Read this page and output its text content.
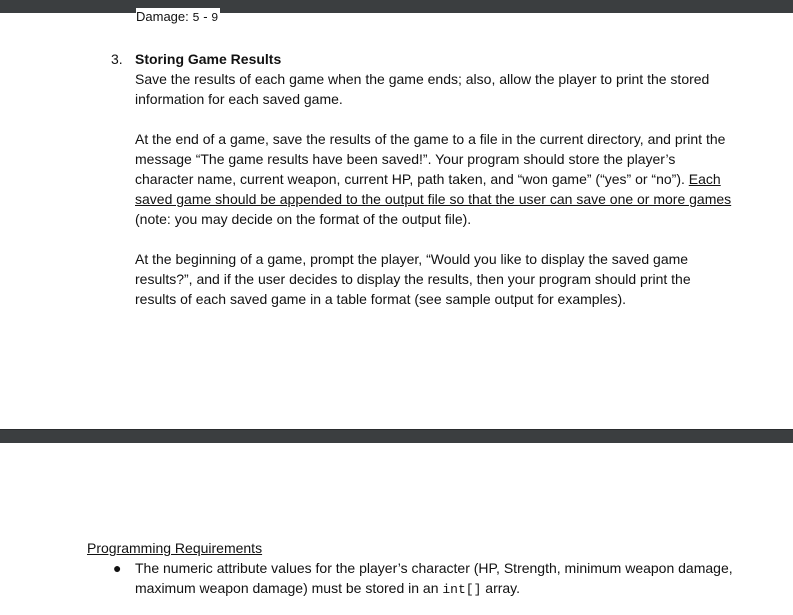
Damage: 5 - 9
3. Storing Game Results
Save the results of each game when the game ends; also, allow the player to print the stored information for each saved game.

At the end of a game, save the results of the game to a file in the current directory, and print the message “The game results have been saved!”. Your program should store the player’s character name, current weapon, current HP, path taken, and “won game” (“yes” or “no”). Each saved game should be appended to the output file so that the user can save one or more games (note: you may decide on the format of the output file).

At the beginning of a game, prompt the player, “Would you like to display the saved game results?”, and if the user decides to display the results, then your program should print the results of each saved game in a table format (see sample output for examples).

Programming Requirements
● The numeric attribute values for the player’s character (HP, Strength, minimum weapon damage, maximum weapon damage) must be stored in an int[] array.
